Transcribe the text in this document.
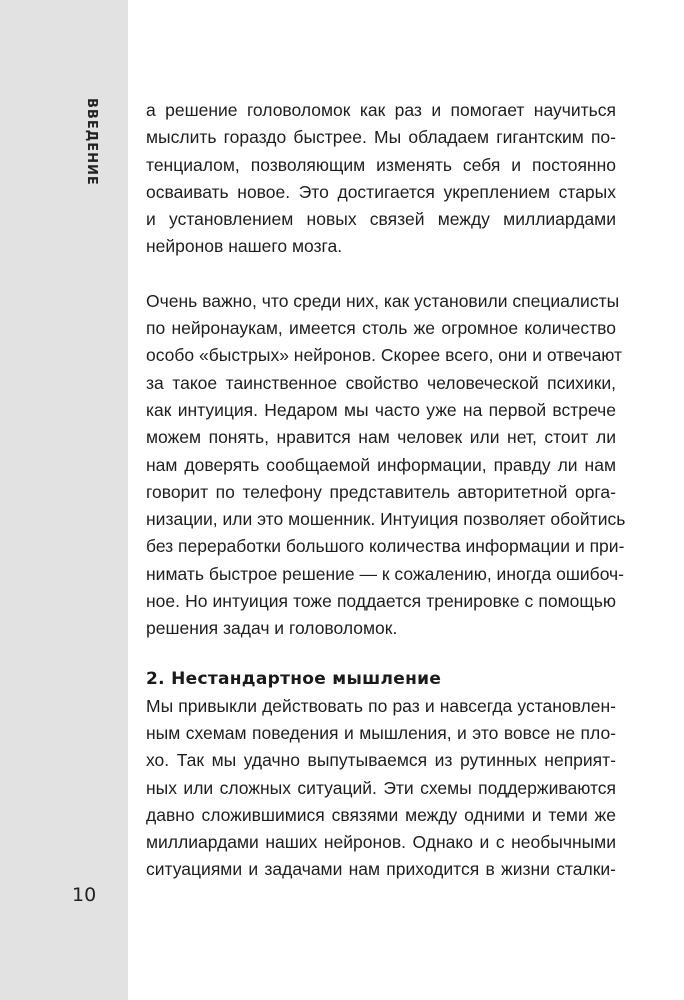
ВВЕДЕНИЕ
10

а решение головоломок как раз и помогает научиться
мыслить гораздо быстрее. Мы обладаем гигантским по-
тенциалом, позволяющим изменять себя и постоянно
осваивать новое. Это достигается укреплением старых
и установлением новых связей между миллиардами
нейронов нашего мозга.

Очень важно, что среди них, как установили специалисты
по нейронаукам, имеется столь же огромное количество
особо «быстрых» нейронов. Скорее всего, они и отвечают
за такое таинственное свойство человеческой психики,
как интуиция. Недаром мы часто уже на первой встрече
можем понять, нравится нам человек или нет, стоит ли
нам доверять сообщаемой информации, правду ли нам
говорит по телефону представитель авторитетной орга-
низации, или это мошенник. Интуиция позволяет обойтись
без переработки большого количества информации и при-
нимать быстрое решение — к сожалению, иногда ошибоч-
ное. Но интуиция тоже поддается тренировке с помощью
решения задач и головоломок.

2. Нестандартное мышление

Мы привыкли действовать по раз и навсегда установлен-
ным схемам поведения и мышления, и это вовсе не пло-
хо. Так мы удачно выпутываемся из рутинных неприят-
ных или сложных ситуаций. Эти схемы поддерживаются
давно сложившимися связями между одними и теми же
миллиардами наших нейронов. Однако и с необычными
ситуациями и задачами нам приходится в жизни сталки-
